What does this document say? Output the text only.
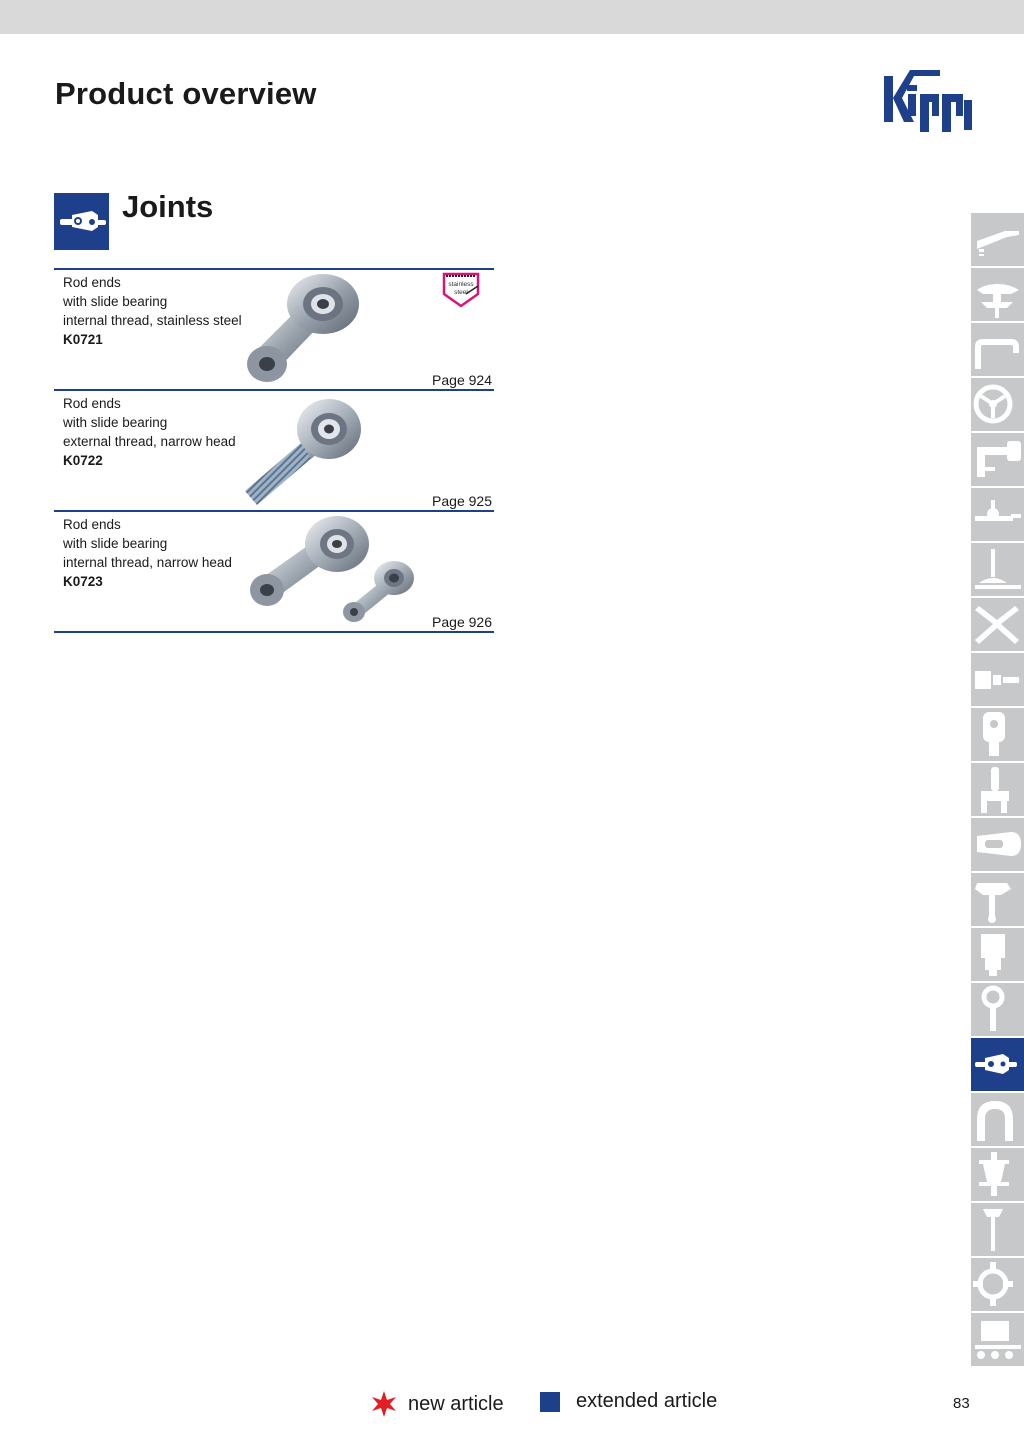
Product overview
Joints
Rod ends
with slide bearing
internal thread, stainless steel
K0721
stainless
steel
Page 924
Rod ends
with slide bearing
external thread, narrow head
K0722
Page 925
Rod ends
with slide bearing
internal thread, narrow head
K0723
Page 926
new article	extended article	83
